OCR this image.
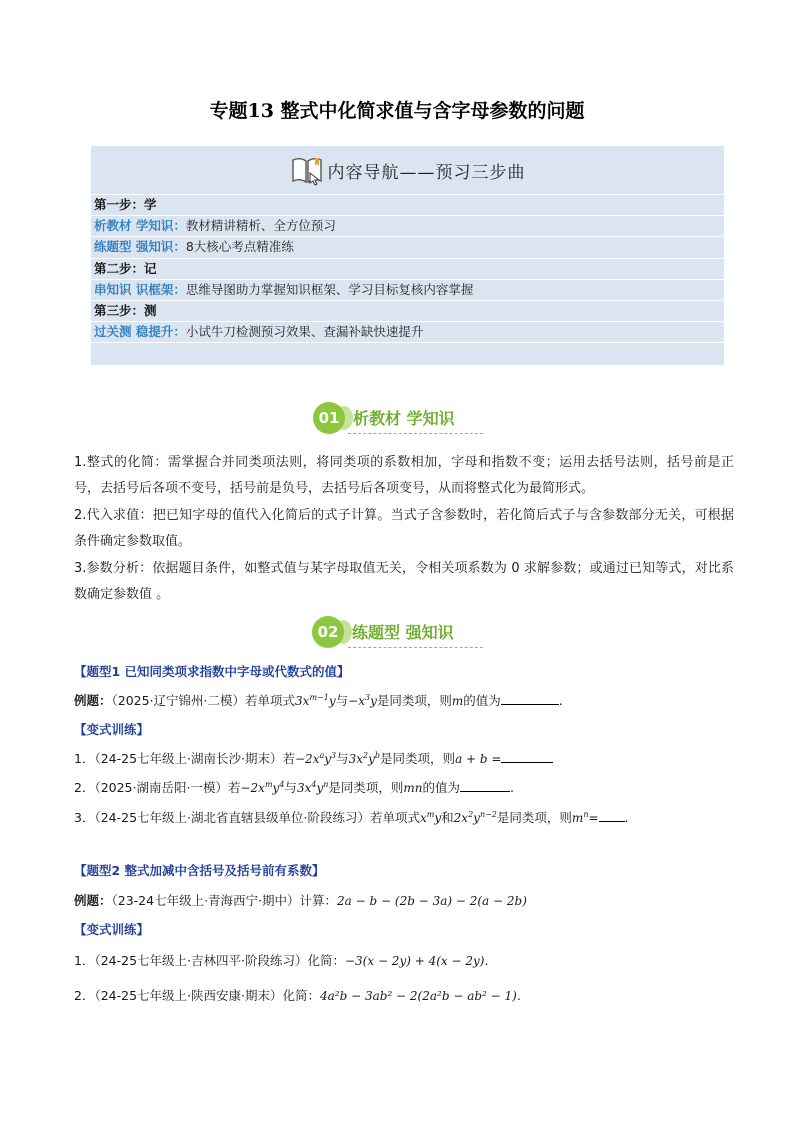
专题13 整式中化简求值与含字母参数的问题
内容导航——预习三步曲
第一步：学
析教材 学知识：教材精讲精析、全方位预习
练题型 强知识：8大核心考点精准练
第二步：记
串知识 识框架：思维导图助力掌握知识框架、学习目标复核内容掌握
第三步：测
过关测 稳提升：小试牛刀检测预习效果、查漏补缺快速提升
01 析教材 学知识
1.整式的化简：需掌握合并同类项法则，将同类项的系数相加，字母和指数不变；运用去括号法则，括号前是正号，去括号后各项不变号，括号前是负号，去括号后各项变号，从而将整式化为最简形式。
2.代入求值：把已知字母的值代入化简后的式子计算。当式子含参数时，若化简后式子与含参数部分无关，可根据条件确定参数取值。
3.参数分析：依据题目条件，如整式值与某字母取值无关，令相关项系数为 0 求解参数；或通过已知等式，对比系数确定参数值 。
02 练题型 强知识
【题型1 已知同类项求指数中字母或代数式的值】
例题：（2025·辽宁锦州·二模）若单项式$3x^{m-1}y$与$-x^3y$是同类项，则m的值为	.
【变式训练】
1．（24-25七年级上·湖南长沙·期末）若$-2x^ay^3$与$3x^2y^b$是同类项，则a + b =
2．（2025·湖南岳阳·一模）若$-2x^my^4$与$3x^4y^n$是同类项，则mn的值为	.
3．（24-25七年级上·湖北省直辖县级单位·阶段练习）若单项式$x^my$和$2x^2y^{n-2}$是同类项，则$m^n=$ .
【题型2 整式加减中含括号及括号前有系数】
例题：（23-24七年级上·青海西宁·期中）计算：2a − b − (2b − 3a) − 2(a − 2b)
【变式训练】
1．（24-25七年级上·吉林四平·阶段练习）化简：−3(x − 2y) + 4(x − 2y).
2．（24-25七年级上·陕西安康·期末）化简：4a²b − 3ab² − 2(2a²b − ab² − 1).
